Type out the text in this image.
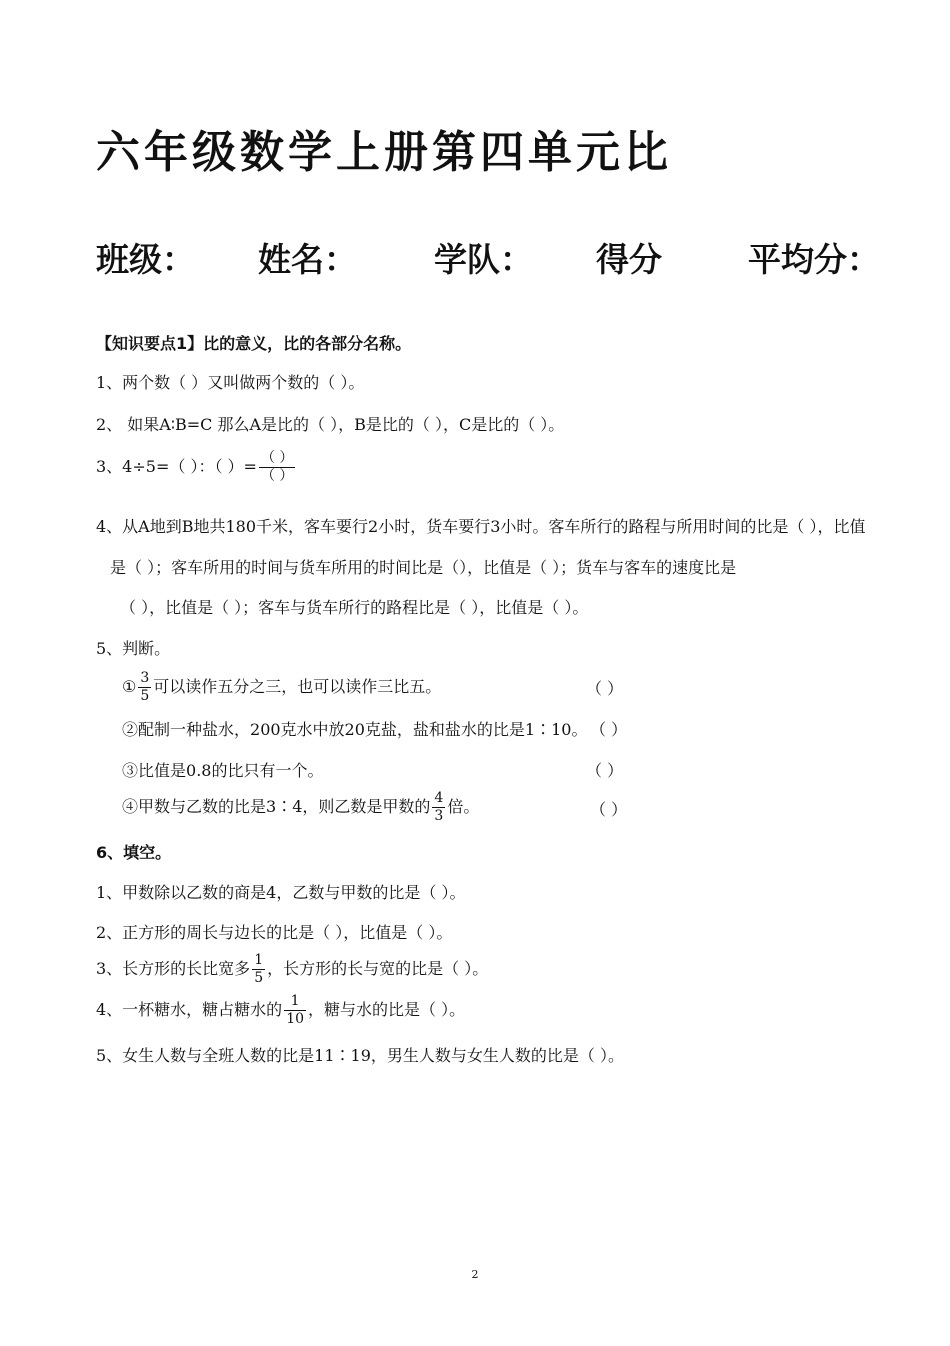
六年级数学上册第四单元比
班级： 姓名： 学队： 得分	平均分：
【知识要点1】比的意义，比的各部分名称。
1、两个数（ ）又叫做两个数的（ ）。
2、 如果A∶B=C 那么A是比的（ ），B是比的（ ），C是比的（ ）。
3、4÷5=（ ）：（ ）= $\frac{( )}{( )}$
4、从A地到B地共180千米，客车要行2小时，货车要行3小时。客车所行的路程与所用时间的比是（ ），比值
是（ ）；客车所用的时间与货车所用的时间比是（），比值是（ ）；货车与客车的速度比是
（ ），比值是（ ）；客车与货车所行的路程比是（ ），比值是（ ）。
5、判断。
① $\frac{3}{5}$ 可以读作五分之三，也可以读作三比五。	（ ）
②配制一种盐水，200克水中放20克盐，盐和盐水的比是1∶10。 （ ）
③比值是0.8的比只有一个。	（ ）
④甲数与乙数的比是3∶4，则乙数是甲数的 $\frac{4}{3}$ 倍。	（ ）
6、填空。
1、甲数除以乙数的商是4，乙数与甲数的比是（ ）。
2、正方形的周长与边长的比是（ ），比值是（ ）。
3、长方形的长比宽多 $\frac{1}{5}$ ，长方形的长与宽的比是（ ）。
4、一杯糖水，糖占糖水的 $\frac{1}{10}$ ，糖与水的比是（ ）。
5、女生人数与全班人数的比是11∶19，男生人数与女生人数的比是（ ）。
2
